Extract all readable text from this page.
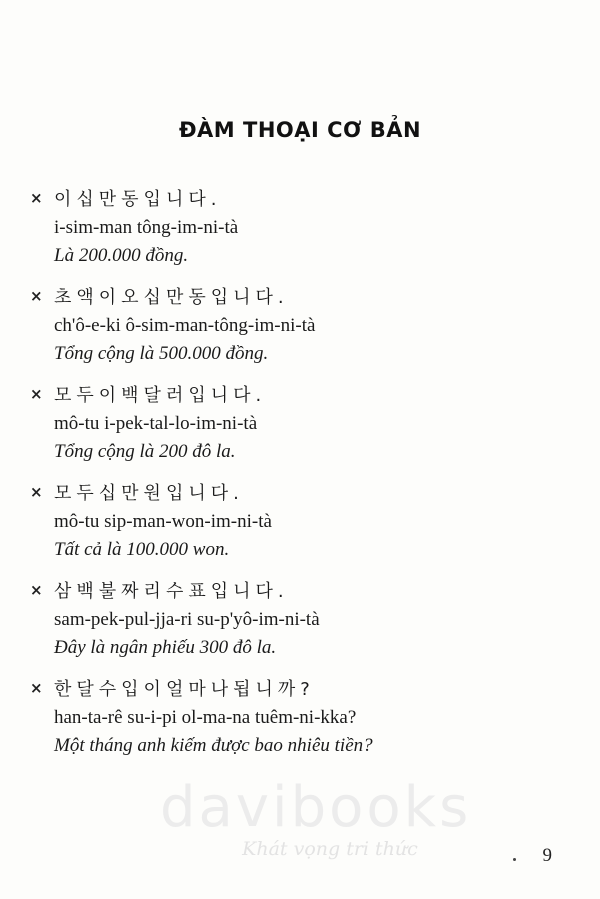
ĐÀM THOẠI CƠ BẢN
× 이십만동입니다.
i-sim-man tông-im-ni-tà
Là 200.000 đồng.
× 초액이오십만동입니다.
ch'ô-e-ki ô-sim-man-tông-im-ni-tà
Tổng cộng là 500.000 đồng.
× 모두이백달러입니다.
mô-tu i-pek-tal-lo-im-ni-tà
Tổng cộng là 200 đô la.
× 모두십만원입니다.
mô-tu sip-man-won-im-ni-tà
Tất cả là 100.000 won.
× 삼백불짜리수표입니다.
sam-pek-pul-jja-ri su-p'yô-im-ni-tà
Đây là ngân phiếu 300 đô la.
× 한달수입이얼마나됩니까?
han-ta-rê su-i-pi ol-ma-na tuêm-ni-kka?
Một tháng anh kiếm được bao nhiêu tiền?
davibooks
Khát vọng tri thức	9
